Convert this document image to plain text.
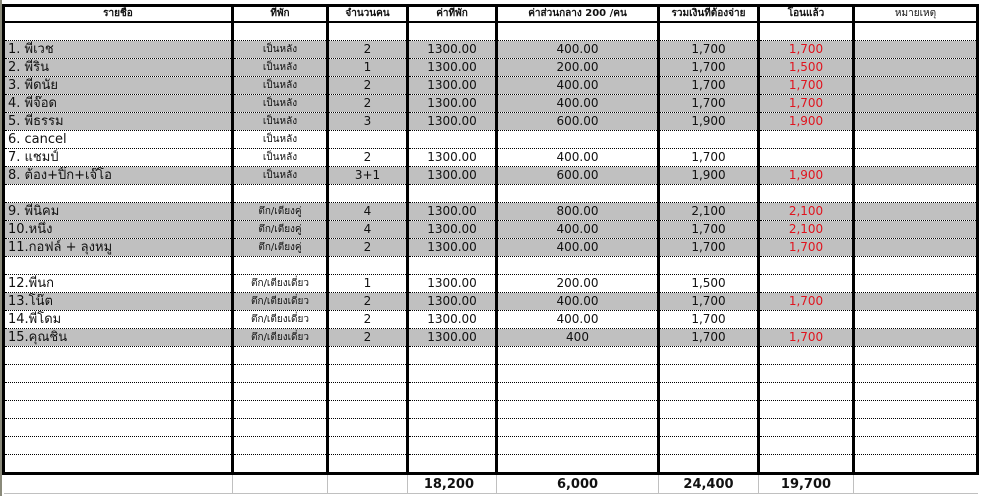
รายชื่อ	ที่พัก	จำนวนคน	ค่าที่พัก	ค่าส่วนกลาง 200 /คน	รวมเงินที่ต้องจ่าย	โอนแล้ว	หมายเหตุ

1. พี่เวช	เป็นหลัง	2	1300.00	400.00	1,700	1,700	
2. พี่ริน	เป็นหลัง	1	1300.00	200.00	1,700	1,500	
3. พี่ดนัย	เป็นหลัง	2	1300.00	400.00	1,700	1,700	
4. พี่จ๊อด	เป็นหลัง	2	1300.00	400.00	1,700	1,700	
5. พี่ธรรม	เป็นหลัง	3	1300.00	600.00	1,900	1,900	
6. cancel	เป็นหลัง						
7. แชมป์	เป็นหลัง	2	1300.00	400.00	1,700		
8. ต้อง+ปิ๊ก+เจ๊โอ	เป็นหลัง	3+1	1300.00	600.00	1,900	1,900	

9. พี่นิคม	ตึก/เตียงคู่	4	1300.00	800.00	2,100	2,100	
10.หนึ่ง	ตึก/เตียงคู่	4	1300.00	400.00	1,700	2,100	
11.กอฟล์ + ลุงหมู	ตึก/เตียงคู่	2	1300.00	400.00	1,700	1,700	

12.พี่นก	ตึก/เตียงเดี่ยว	1	1300.00	200.00	1,500		
13.โน๊ต	ตึก/เตียงเดี่ยว	2	1300.00	400.00	1,700	1,700	
14.พี่โดม	ตึก/เตียงเดี่ยว	2	1300.00	400.00	1,700		
15.คุณชิน	ตึก/เตียงเดี่ยว	2	1300.00	400	1,700	1,700	

			18,200	6,000	24,400	19,700	
